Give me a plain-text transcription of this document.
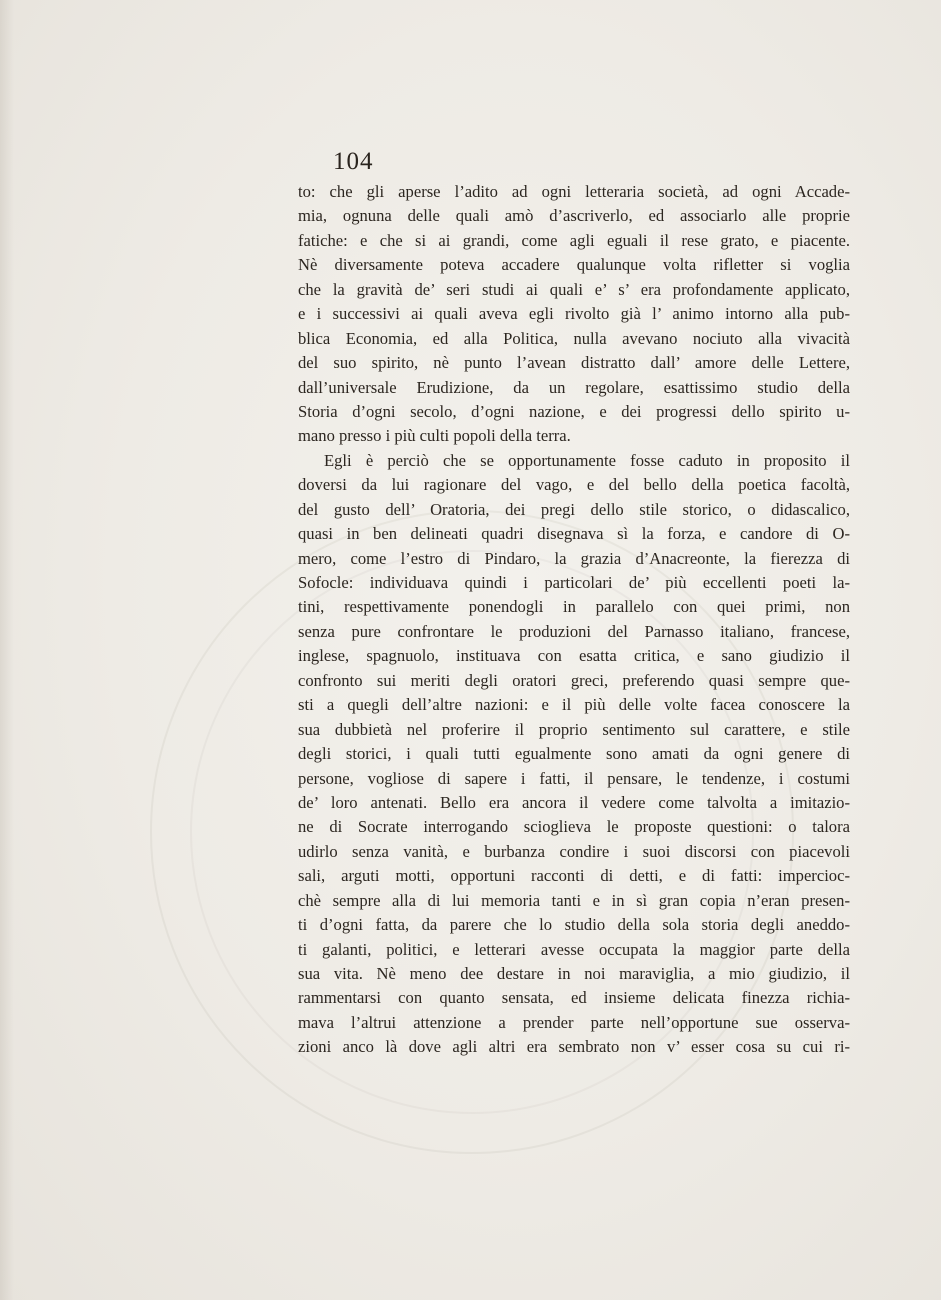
104
to: che gli aperse l’adito ad ogni letteraria società, ad ogni Accade-
mia, ognuna delle quali amò d’ascriverlo, ed associarlo alle proprie
fatiche: e che si ai grandi, come agli eguali il rese grato, e piacente.
Nè diversamente poteva accadere qualunque volta rifletter si voglia
che la gravità de’ seri studi ai quali e’ s’ era profondamente applicato,
e i successivi ai quali aveva egli rivolto già l’ animo intorno alla pub-
blica Economia, ed alla Politica, nulla avevano nociuto alla vivacità
del suo spirito, nè punto l’avean distratto dall’ amore delle Lettere,
dall’universale Erudizione, da un regolare, esattissimo studio della
Storia d’ogni secolo, d’ogni nazione, e dei progressi dello spirito u-
mano presso i più culti popoli della terra.
Egli è perciò che se opportunamente fosse caduto in proposito il
doversi da lui ragionare del vago, e del bello della poetica facoltà,
del gusto dell’ Oratoria, dei pregi dello stile storico, o didascalico,
quasi in ben delineati quadri disegnava sì la forza, e candore di O-
mero, come l’estro di Pindaro, la grazia d’Anacreonte, la fierezza di
Sofocle: individuava quindi i particolari de’ più eccellenti poeti la-
tini, respettivamente ponendogli in parallelo con quei primi, non
senza pure confrontare le produzioni del Parnasso italiano, francese,
inglese, spagnuolo, instituava con esatta critica, e sano giudizio il
confronto sui meriti degli oratori greci, preferendo quasi sempre que-
sti a quegli dell’altre nazioni: e il più delle volte facea conoscere la
sua dubbietà nel proferire il proprio sentimento sul carattere, e stile
degli storici, i quali tutti egualmente sono amati da ogni genere di
persone, vogliose di sapere i fatti, il pensare, le tendenze, i costumi
de’ loro antenati. Bello era ancora il vedere come talvolta a imitazio-
ne di Socrate interrogando scioglieva le proposte questioni: o talora
udirlo senza vanità, e burbanza condire i suoi discorsi con piacevoli
sali, arguti motti, opportuni racconti di detti, e di fatti: impercioc-
chè sempre alla di lui memoria tanti e in sì gran copia n’eran presen-
ti d’ogni fatta, da parere che lo studio della sola storia degli aneddo-
ti galanti, politici, e letterari avesse occupata la maggior parte della
sua vita. Nè meno dee destare in noi maraviglia, a mio giudizio, il
rammentarsi con quanto sensata, ed insieme delicata finezza richia-
mava l’altrui attenzione a prender parte nell’opportune sue osserva-
zioni anco là dove agli altri era sembrato non v’ esser cosa su cui ri-
